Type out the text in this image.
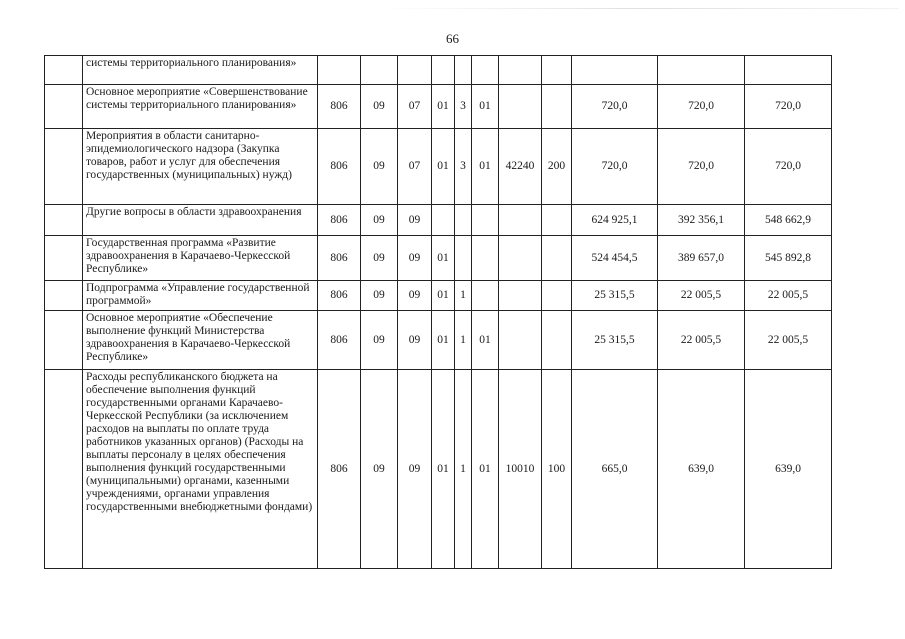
66
	системы территориального планирования»											
	Основное мероприятие «Совершенствование системы территориального планирования»	806	09	07	01	3	01			720,0	720,0	720,0
	Мероприятия в области санитарно-эпидемиологического надзора (Закупка товаров, работ и услуг для обеспечения государственных (муниципальных) нужд)	806	09	07	01	3	01	42240	200	720,0	720,0	720,0
	Другие вопросы в области здравоохранения	806	09	09						624 925,1	392 356,1	548 662,9
	Государственная программа «Развитие здравоохранения в Карачаево-Черкесской Республике»	806	09	09	01					524 454,5	389 657,0	545 892,8
	Подпрограмма «Управление государственной программой»	806	09	09	01	1				25 315,5	22 005,5	22 005,5
	Основное мероприятие «Обеспечение выполнение функций Министерства здравоохранения в Карачаево-Черкесской Республике»	806	09	09	01	1	01			25 315,5	22 005,5	22 005,5
	Расходы республиканского бюджета на обеспечение выполнения функций государственными органами Карачаево-Черкесской Республики (за исключением расходов на выплаты по оплате труда работников указанных органов) (Расходы на выплаты персоналу в целях обеспечения выполнения функций государственными (муниципальными) органами, казенными учреждениями, органами управления государственными внебюджетными фондами)	806	09	09	01	1	01	10010	100	665,0	639,0	639,0
